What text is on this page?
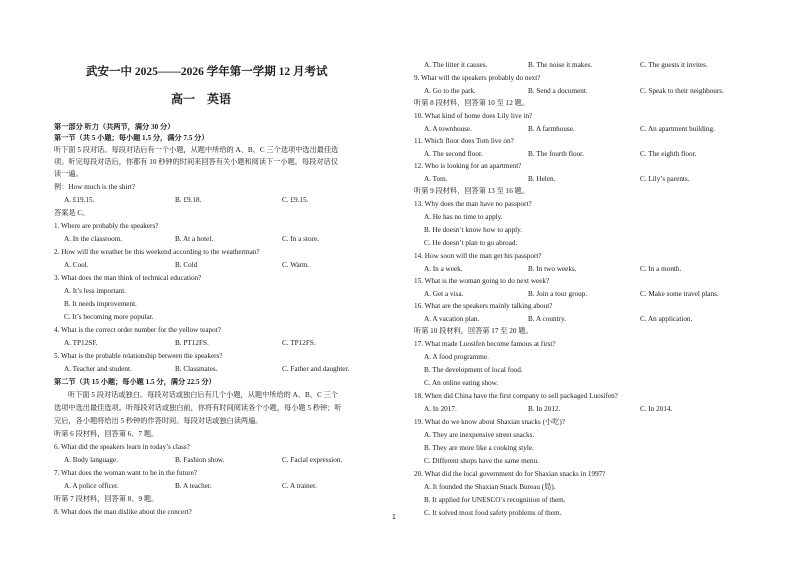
武安一中 2025——2026 学年第一学期 12 月考试
高一　英语
第一部分 听力（共两节，满分 30 分）
第一节（共 5 小题；每小题 1.5 分，满分 7.5 分）
听下面 5 段对话。每段对话后有一个小题，从题中所给的 A、B、C 三个选项中选出最佳选
项。听完每段对话后，你都有 10 秒钟的时间来回答有关小题和阅读下一小题。每段对话仅
读一遍。
例：How much is the shirt?
A. £19.15.	B. £9.18.	C. £9.15.
答案是 C。
1. Where are probably the speakers?
A. In the classroom.	B. At a hotel.	C. In a store.
2. How will the weather be this weekend according to the weatherman?
A. Cool.	B. Cold	C. Warm.
3. What does the man think of technical education?
A. It’s less important.
B. It needs improvement.
C. It’s becoming more popular.
4. What is the correct order number for the yellow teapot?
A. TP12SF.	B. PT12FS.	C. TP12FS.
5. What is the probable relationship between the speakers?
A. Teacher and student.	B. Classmates.	C. Father and daughter.
第二节（共 15 小题；每小题 1.5 分，满分 22.5 分）
听下面 5 段对话或独白。每段对话或独白后有几个小题，从题中所给的 A、B、C 三个
选项中选出最佳选项。听每段对话或独白前，你将有时间阅读各个小题，每小题 5 秒钟；听
完后，各小题将给出 5 秒钟的作答时间。每段对话或独白读两遍。
听第 6 段材料，回答第 6、7 题。
6. What did the speakers learn in today’s class?
A. Body language.	B. Fashion show.	C. Facial expression.
7. What does the woman want to be in the future?
A. A police officer.	B. A teacher.	C. A trainer.
听第 7 段材料，回答第 8、9 题。
8. What does the man dislike about the concert?
A. The litter it causes.	B. The noise it makes.	C. The guests it invites.
9. What will the speakers probably do next?
A. Go to the park.	B. Send a document.	C. Speak to their neighbours.
听第 8 段材料，回答第 10 至 12 题。
10. What kind of home does Lily live in?
A. A townhouse.	B. A farmhouse.	C. An apartment building.
11. Which floor does Tom live on?
A. The second floor.	B. The fourth floor.	C. The eighth floor.
12. Who is looking for an apartment?
A. Tom.	B. Helen.	C. Lily’s parents.
听第 9 段材料，回答第 13 至 16 题。
13. Why does the man have no passport?
A. He has no time to apply.
B. He doesn’t know how to apply.
C. He doesn’t plan to go abroad.
14. How soon will the man get his passport?
A. In a week.	B. In two weeks.	C. In a month.
15. What is the woman going to do next week?
A. Get a visa.	B. Join a tour group.	C. Make some travel plans.
16. What are the speakers mainly talking about?
A. A vacation plan.	B. A country.	C. An application.
听第 10 段材料，回答第 17 至 20 题。
17. What made Luosifen become famous at first?
A. A food programme.
B. The development of local food.
C. An online eating show.
18. When did China have the first company to sell packaged Luosifen?
A. In 2017.	B. In 2012.	C. In 2014.
19. What do we know about Shaxian snacks (小吃)?
A. They are inexpensive street snacks.
B. They are more like a cooking style.
C. Different shops have the same menu.
20. What did the local government do for Shaxian snacks in 1997?
A. It founded the Shaxian Snack Bureau (局).
B. It applied for UNESCO’s recognition of them.
C. It solved most food safety problems of them.
1
